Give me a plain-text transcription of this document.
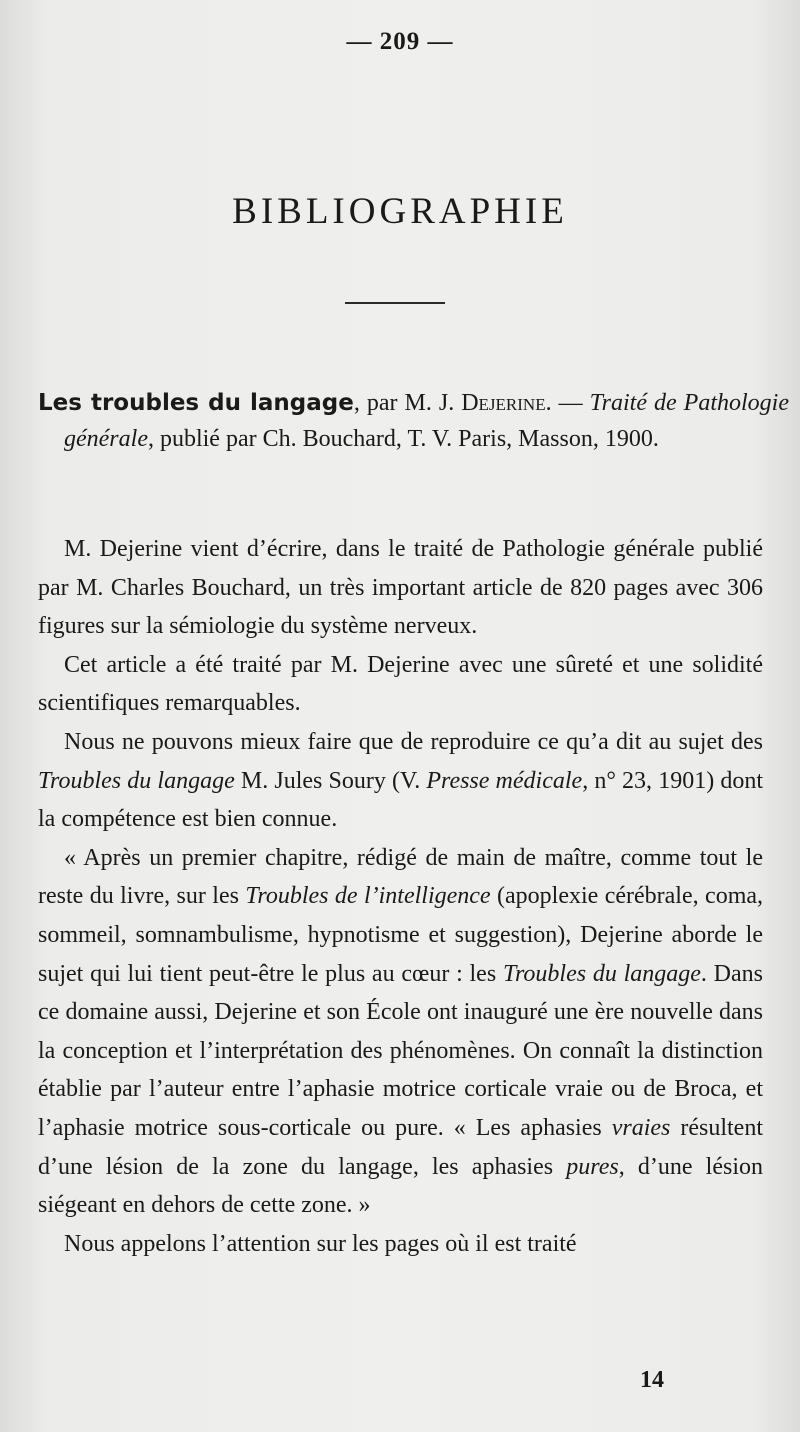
— 209 —
BIBLIOGRAPHIE
Les troubles du langage, par M. J. Dejerine. — Traité de Pathologie générale, publié par Ch. Bouchard, T. V. Paris, Masson, 1900.

M. Dejerine vient d’écrire, dans le traité de Pathologie générale publié par M. Charles Bouchard, un très important article de 820 pages avec 306 figures sur la sémiologie du système nerveux.

Cet article a été traité par M. Dejerine avec une sûreté et une solidité scientifiques remarquables.

Nous ne pouvons mieux faire que de reproduire ce qu’a dit au sujet des Troubles du langage M. Jules Soury (V. Presse médicale, n° 23, 1901) dont la compétence est bien connue.

« Après un premier chapitre, rédigé de main de maître, comme tout le reste du livre, sur les Troubles de l’intelligence (apoplexie cérébrale, coma, sommeil, somnambulisme, hypnotisme et suggestion), Dejerine aborde le sujet qui lui tient peut-être le plus au cœur : les Troubles du langage. Dans ce domaine aussi, Dejerine et son École ont inauguré une ère nouvelle dans la conception et l’interprétation des phénomènes. On connaît la distinction établie par l’auteur entre l’aphasie motrice corticale vraie ou de Broca, et l’aphasie motrice sous-corticale ou pure. « Les aphasies vraies résultent d’une lésion de la zone du langage, les aphasies pures, d’une lésion siégeant en dehors de cette zone. »

Nous appelons l’attention sur les pages où il est traité

14
